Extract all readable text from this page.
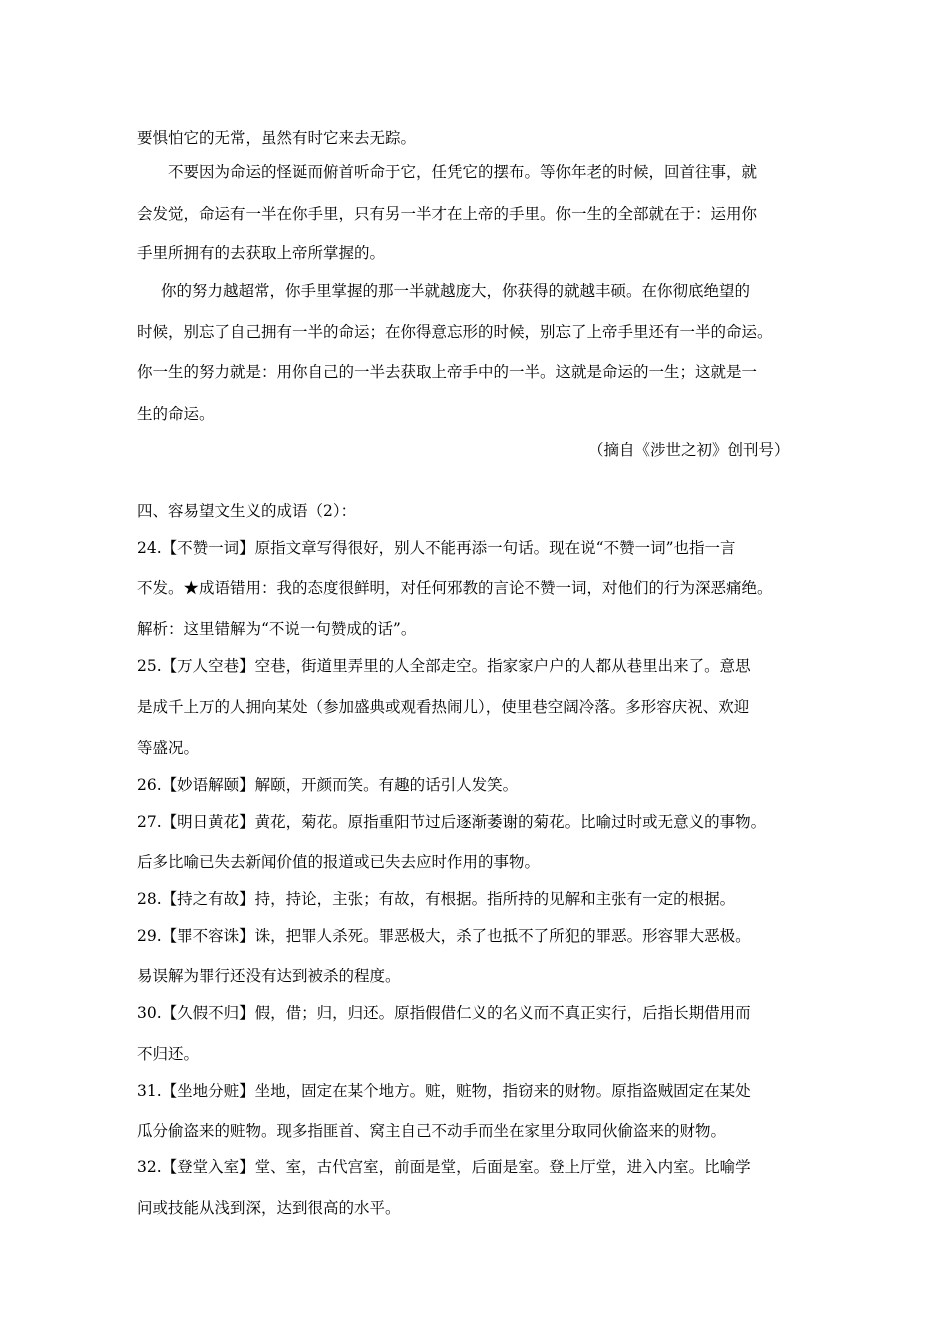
要惧怕它的无常，虽然有时它来去无踪。
不要因为命运的怪诞而俯首听命于它，任凭它的摆布。等你年老的时候，回首往事，就
会发觉，命运有一半在你手里，只有另一半才在上帝的手里。你一生的全部就在于：运用你
手里所拥有的去获取上帝所掌握的。
你的努力越超常，你手里掌握的那一半就越庞大，你获得的就越丰硕。在你彻底绝望的
时候，别忘了自己拥有一半的命运；在你得意忘形的时候，别忘了上帝手里还有一半的命运。
你一生的努力就是：用你自己的一半去获取上帝手中的一半。这就是命运的一生；这就是一
生的命运。
（摘自《涉世之初》创刊号）
四、容易望文生义的成语（2）：
24.【不赞一词】原指文章写得很好，别人不能再添一句话。现在说“不赞一词”也指一言
不发。★成语错用：我的态度很鲜明，对任何邪教的言论不赞一词，对他们的行为深恶痛绝。
解析：这里错解为“不说一句赞成的话”。
25.【万人空巷】空巷，街道里弄里的人全部走空。指家家户户的人都从巷里出来了。意思
是成千上万的人拥向某处（参加盛典或观看热闹儿），使里巷空阔冷落。多形容庆祝、欢迎
等盛况。
26.【妙语解颐】解颐，开颜而笑。有趣的话引人发笑。
27.【明日黄花】黄花，菊花。原指重阳节过后逐渐萎谢的菊花。比喻过时或无意义的事物。
后多比喻已失去新闻价值的报道或已失去应时作用的事物。
28.【持之有故】持，持论，主张；有故，有根据。指所持的见解和主张有一定的根据。
29.【罪不容诛】诛，把罪人杀死。罪恶极大，杀了也抵不了所犯的罪恶。形容罪大恶极。
易误解为罪行还没有达到被杀的程度。
30.【久假不归】假，借；归，归还。原指假借仁义的名义而不真正实行，后指长期借用而
不归还。
31.【坐地分赃】坐地，固定在某个地方。赃，赃物，指窃来的财物。原指盗贼固定在某处
瓜分偷盗来的赃物。现多指匪首、窝主自己不动手而坐在家里分取同伙偷盗来的财物。
32.【登堂入室】堂、室，古代宫室，前面是堂，后面是室。登上厅堂，进入内室。比喻学
问或技能从浅到深，达到很高的水平。
